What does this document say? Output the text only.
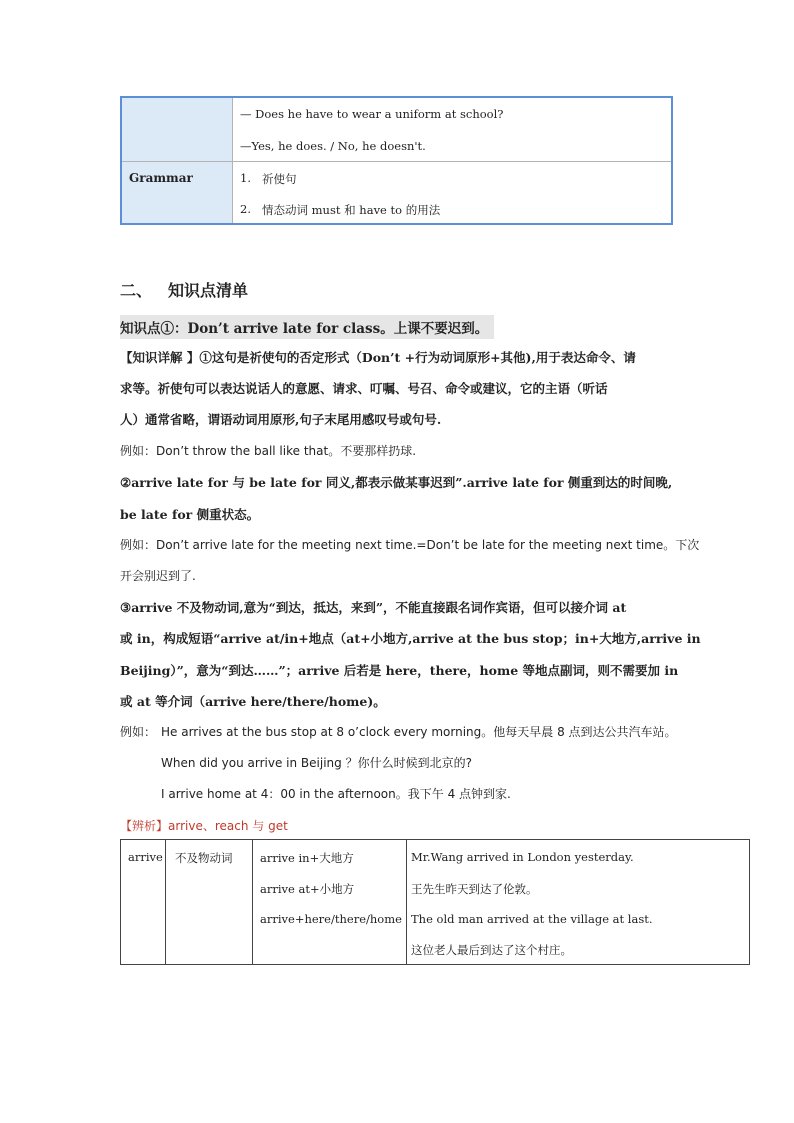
— Does he have to wear a uniform at school?
—Yes, he does. / No, he doesn't.
Grammar	1. 祈使句
2. 情态动词 must 和 have to 的用法
二、 知识点清单
知识点①：Don’t arrive late for class。上课不要迟到。
【知识详解 】①这句是祈使句的否定形式（Don’t +行为动词原形+其他),用于表达命令、请
求等。祈使句可以表达说话人的意愿、请求、叮嘱、号召、命令或建议，它的主语（听话
人）通常省略，谓语动词用原形,句子末尾用感叹号或句号.
例如：Don’t throw the ball like that。不要那样扔球.
②arrive late for 与 be late for 同义,都表示做某事迟到”.arrive late for 侧重到达的时间晚,
be late for 侧重状态。
例如：Don’t arrive late for the meeting next time.=Don’t be late for the meeting next time。下次
开会别迟到了.
③arrive 不及物动词,意为“到达，抵达，来到”，不能直接跟名词作宾语，但可以接介词 at
或 in，构成短语“arrive at/in+地点（at+小地方,arrive at the bus stop；in+大地方,arrive in
Beijing）”，意为“到达……”；arrive 后若是 here，there，home 等地点副词，则不需要加 in
或 at 等介词（arrive here/there/home)。
例如： He arrives at the bus stop at 8 o’clock every morning。他每天早晨 8 点到达公共汽车站。
When did you arrive in Beijing ？你什么时候到北京的?
I arrive home at 4：00 in the afternoon。我下午 4 点钟到家.
【辨析】arrive、reach 与 get
arrive 不及物动词 arrive in+大地方
arrive at+小地方
arrive+here/there/home
Mr.Wang arrived in London yesterday.
王先生昨天到达了伦敦。
The old man arrived at the village at last.
这位老人最后到达了这个村庄。
